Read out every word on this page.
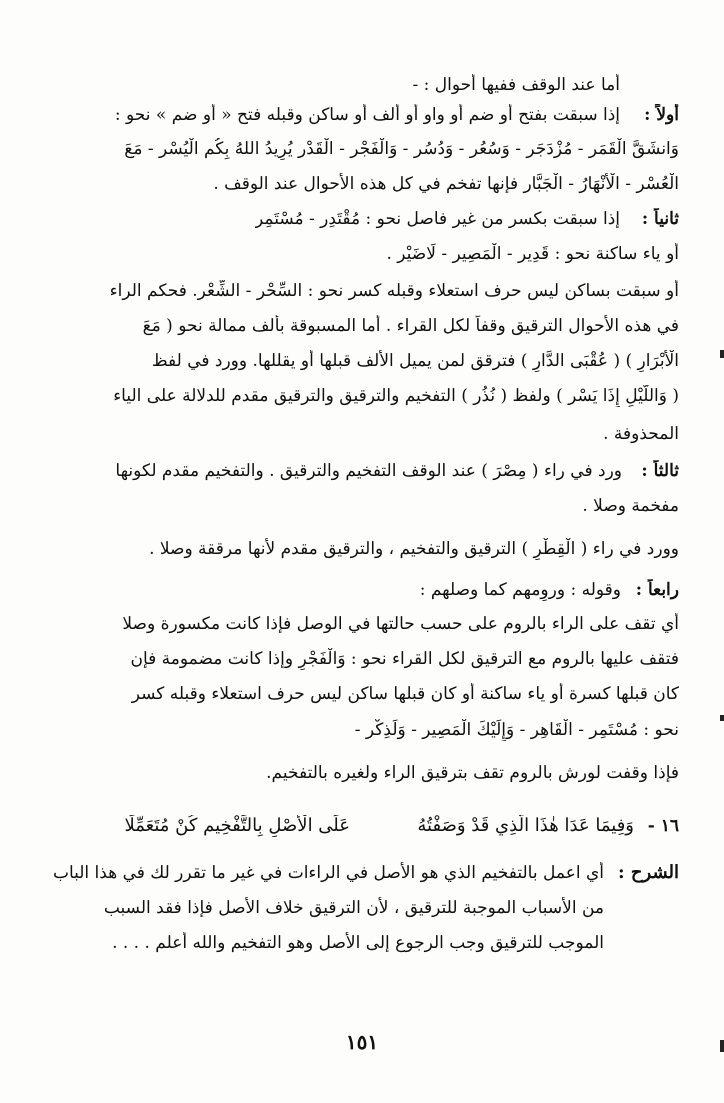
أما عند الوقف ففيها أحوال : -
أولاً :
إذا سبقت بفتح أو ضم أو واو أو ألف أو ساكن وقبله فتح « أو ضم » نحو :
وَانشَقَّ الْقَمَر - مُزْدَجَر - وَسُعُر - وَدُسُر - وَالْفَجْر - الْقَدْر يُرِيدُ اللهُ بِكُم الْيُسْر - مَعَ
الْعُسْر - الْأَنْهَارُ - الْجَبَّار فإنها تفخم في كل هذه الأحوال عند الوقف .
ثانياً :
إذا سبقت بكسر من غير فاصل نحو : مُقْتَدِر - مُسْتَمِر
أو ياء ساكنة نحو : قَدِير - الْمَصِير - لَاضَيْر .
أو سبقت بساكن ليس حرف استعلاء وقبله كسر نحو : السِّحْر - الشِّعْر. فحكم الراء
في هذه الأحوال الترقيق وقفاً لكل القراء . أما المسبوقة بألف ممالة نحو ( مَعَ
الْأَبْرَارِ ) ( عُقْبَى الدَّارِ ) فترقق لمن يميل الألف قبلها أو يقللها. وورد في لفظ
( وَاللَّيْلِ إِذَا يَسْر ) ولفظ ( نُذُر ) التفخيم والترقيق والترقيق مقدم للدلالة على الياء
المحذوفة .
ثالثاً :
ورد في راء ( مِصْرَ ) عند الوقف التفخيم والترقيق . والتفخيم مقدم لكونها
مفخمة وصلا .
وورد في راء ( الْقِطْرِ ) الترقيق والتفخيم ، والترقيق مقدم لأنها مرققة وصلا .
رابعاً :
وقوله : وروِمهم كما وصلهم :
أي تقف على الراء بالروم على حسب حالتها في الوصل فإذا كانت مكسورة وصلا
فتقف عليها بالروم مع الترقيق لكل القراء نحو : وَالْفَجْرِ وإذا كانت مضمومة فإن
كان قبلها كسرة أو ياء ساكنة أو كان قبلها ساكن ليس حرف استعلاء وقبله كسر
نحو : مُسْتَمِر - الْقَاهِر - وَإِلَيْكَ الْمَصِير - وَلَذِكْر -
فإذا وقفت لورش بالروم تقف بترقيق الراء ولغيره بالتفخيم.
١٦ -
وَفِيمَا عَدَا هٰذَا الَّذِي قَدْ وَصَفْتُهُ
عَلَى الْأَصْلِ بِالتَّفْخِيمِ كُنْ مُتَعَمِّلَا
الشرح :
أي اعمل بالتفخيم الذي هو الأصل في الراءات في غير ما تقرر لك في هذا الباب
من الأسباب الموجبة للترقيق ، لأن الترقيق خلاف الأصل فإذا فقد السبب
الموجب للترقيق وجب الرجوع إلى الأصل وهو التفخيم والله أعلم . . . .
١٥١
